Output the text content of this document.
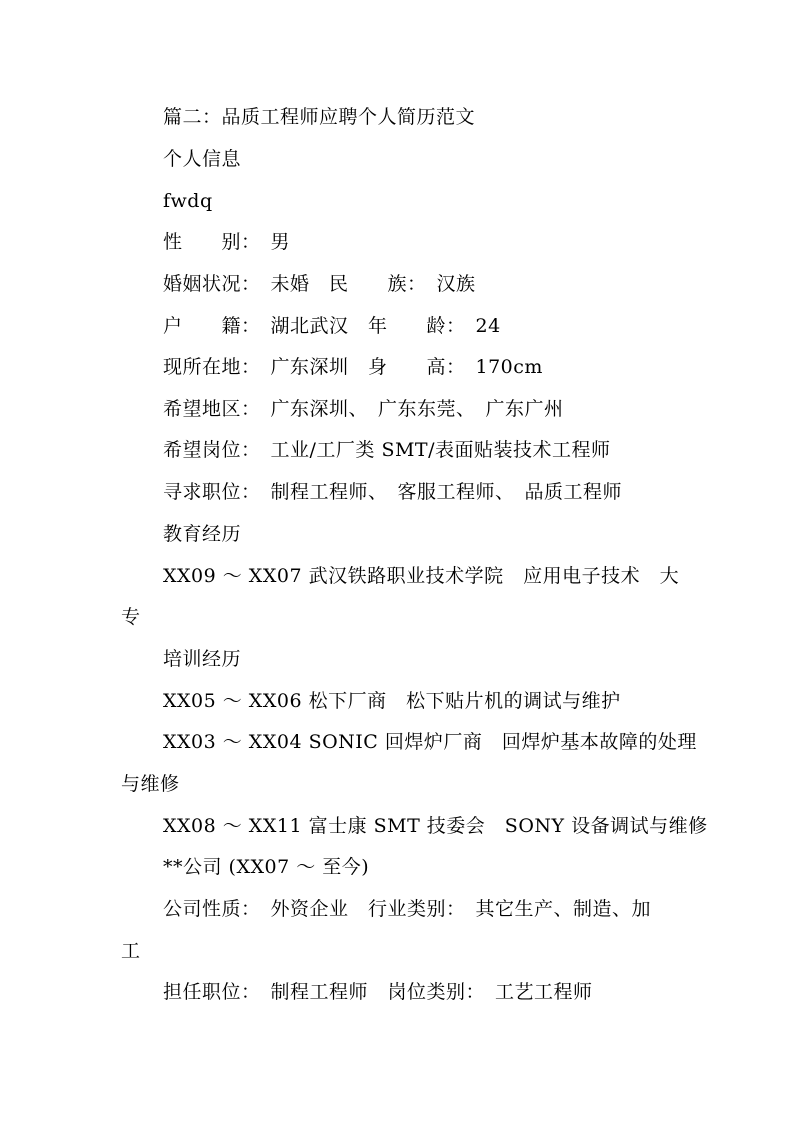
篇二：品质工程师应聘个人简历范文
个人信息
fwdq
性　　别：　男
婚姻状况：　未婚　民　　族：　汉族
户　　籍：　湖北武汉　年　　龄：　24
现所在地：　广东深圳　身　　高：　170cm
希望地区：　广东深圳、　广东东莞、　广东广州
希望岗位：　工业/工厂类 SMT/表面贴装技术工程师
寻求职位：　制程工程师、　客服工程师、　品质工程师
教育经历
XX09 ～ XX07 武汉铁路职业技术学院　应用电子技术　大
专
培训经历
XX05 ～ XX06 松下厂商　松下贴片机的调试与维护
XX03 ～ XX04 SONIC 回焊炉厂商　回焊炉基本故障的处理
与维修
XX08 ～ XX11 富士康 SMT 技委会　SONY 设备调试与维修
**公司 (XX07 ～ 至今)
公司性质：　外资企业　行业类别：　其它生产、制造、加
工
担任职位：　制程工程师　岗位类别：　工艺工程师
